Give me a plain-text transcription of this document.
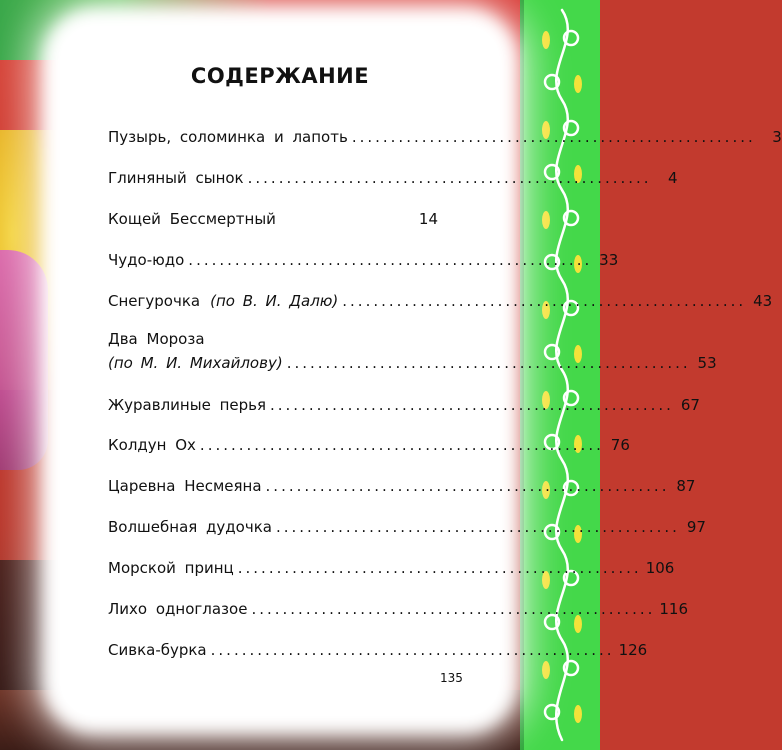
СОДЕРЖАНИЕ
Пузырь, соломинка и лапоть ....................................................	3
Глиняный сынок ....................................................	4
Кощей Бессмертный	14
Чудо-юдо .................................................... 33
Снегурочка (по В. И. Далю) .................................................... 43
Два Мороза
(по М. И. Михайлову) .................................................... 53
Журавлиные перья .................................................... 67
Колдун Ох .................................................... 76
Царевна Несмеяна .................................................... 87
Волшебная дудочка .................................................... 97
Морской принц .................................................... 106
Лихо одноглазое .................................................... 116
Сивка-бурка .................................................... 126
135
